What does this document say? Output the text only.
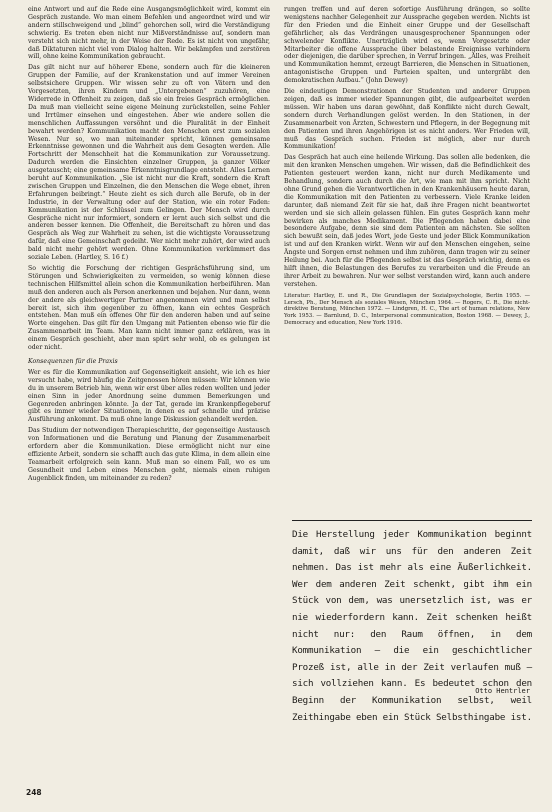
eine Antwort und auf die Rede eine Ausgangsmöglichkeit wird, kommt ein Gespräch zustande. Wo man einem Befehlen und angeordnet wird und wir andern stillschweigend und „blind“ gehorchen soll, wird die Verständigung schwierig. Es treten eben nicht nur Mißverständnisse auf, sondern man versteht sich nicht mehr, in der Weise der Rede. Es ist nicht von ungefähr, daß Diktaturen nicht viel vom Dialog halten. Wir bekämpfen und zerstören will, ohne keine Kommunikation gebraucht.

Das gilt nicht nur auf höherer Ebene, sondern auch für die kleineren Gruppen der Familie, auf der Krankenstation und auf immer Vereinen selbstsichere Gruppen. Wir wissen sehr zu oft von Vätern und den Vorgesetzten, ihren Kindern und „Untergebenen“ zuzuhören, eine Widerrede in Offenheit zu zeigen, daß sie ein freies Gespräch ermöglichen. Da muß man vielleicht seine eigene Meinung zurückstellen, seine Fehler und Irrtümer einsehen und eingestehen. Aber wie andere sollen die menschlichen Auffassungen versöhnt und die Pluralität in der Einheit bewahrt werden? Kommunikation macht den Menschen erst zum sozialen Wesen. Nur so, wo man miteinander spricht, können gemeinsame Erkenntnisse gewonnen und die Wahrheit aus dem Gesagten werden. Alle Fortschritt der Menschheit hat die Kommunikation zur Voraussetzung. Dadurch werden die Einsichten einzelner Gruppen, ja ganzer Völker ausgetauscht; eine gemeinsame Erkenntnisgrundlage entsteht. Alles Lernen beruht auf Kommunikation. „Sie ist nicht nur die Kraft, sondern die Kraft zwischen Gruppen und Einzelnen, die den Menschen die Wege ebnet, ihren Erfahrungen beibringt.“ Heute zieht es sich durch alle Berufe, ob in der Industrie, in der Verwaltung oder auf der Station, wie ein roter Faden: Kommunikation ist der Schlüssel zum Gelingen. Der Mensch wird durch Gespräche nicht nur informiert, sondern er lernt auch sich selbst und die anderen besser kennen. Die Offenheit, die Bereitschaft zu hören und das Gespräch als Weg zur Wahrheit zu sehen, ist die wichtigste Voraussetzung dafür, daß eine Gemeinschaft gedeiht. Wer nicht mehr zuhört, der wird auch bald nicht mehr gehört werden. Ohne Kommunikation verkümmert das soziale Leben. (Hartley, S. 16 f.)

So wichtig die Forschung der richtigen Gesprächsführung sind, um Störungen und Schwierigkeiten zu vermeiden, so wenig können diese technischen Hilfsmittel allein schon die Kommunikation herbeiführen. Man muß den anderen auch als Person anerkennen und bejahen. Nur dann, wenn der andere als gleichwertiger Partner angenommen wird und man selbst bereit ist, sich ihm gegenüber zu öffnen, kann ein echtes Gespräch entstehen. Man muß ein offenes Ohr für den anderen haben und auf seine Worte eingehen. Das gilt für den Umgang mit Patienten ebenso wie für die Zusammenarbeit im Team. Man kann nicht immer ganz erklären, was in einem Gespräch geschieht, aber man spürt sehr wohl, ob es gelungen ist oder nicht.

Konsequenzen für die Praxis

Wer es für die Kommunikation auf Gegenseitigkeit ansieht, wie ich es hier versucht habe, wird häufig die Zeitgenossen hören müssen: Wir können wie du in unserem Betrieb hin, wenn wir erst über alles reden wollten und jeder einen Sinn in jeder Anordnung seine dummen Bemerkungen und Gegenreden anbringen könnte. Ja der Tat, gerade im Krankenpflegeberuf gibt es immer wieder Situationen, in denen es auf schnelle und präzise Ausführung ankommt. Da muß ohne lange Diskussion gehandelt werden.

Das Studium der notwendigen Therapieschritte, der gegenseitige Austausch von Informationen und die Beratung und Planung der Zusammenarbeit erfordern aber die Kommunikation. Diese ermöglicht nicht nur eine effiziente Arbeit, sondern sie schafft auch das gute Klima, in dem allein eine Teamarbeit erfolgreich sein kann. Muß man so einem Fall, wo es um Gesundheit und Leben eines Menschen geht, niemals einen ruhigen Augenblick finden, um miteinander zu reden?

rungen treffen und auf deren sofortige Ausführung drängen, so sollte wenigstens nachher Gelegenheit zur Aussprache gegeben werden. Nichts ist für den Frieden und die Einheit einer Gruppe und der Gesellschaft gefährlicher, als das Verdrängen unausgesprochener Spannungen oder schwelender Konflikte. Unerträglich wird es, wenn Vorgesetzte oder Mitarbeiter die offene Aussprache über belastende Ereignisse verhindern oder diejenigen, die darüber sprechen, in Verruf bringen. „Alles, was Freiheit und Kommunikation hemmt, erzeugt Barrieren, die Menschen in Situationen, antagonistische Gruppen und Parteien spalten, und untergräbt den demokratischen Aufbau.“ (John Dewey)

Die eindeutigen Demonstrationen der Studenten und anderer Gruppen zeigen, daß es immer wieder Spannungen gibt, die aufgearbeitet werden müssen. Wir haben uns daran gewöhnt, daß Konflikte nicht durch Gewalt, sondern durch Verhandlungen gelöst werden. In den Stationen, in der Zusammenarbeit von Ärzten, Schwestern und Pflegern, in der Begegnung mit den Patienten und ihren Angehörigen ist es nicht anders. Wer Frieden will, muß das Gespräch suchen. Frieden ist möglich, aber nur durch Kommunikation!

Das Gespräch hat auch eine heilende Wirkung. Das sollen alle bedenken, die mit den kranken Menschen umgehen. Wir wissen, daß die Befindlichkeit des Patienten gesteuert werden kann, nicht nur durch Medikamente und Behandlung, sondern auch durch die Art, wie man mit ihm spricht. Nicht ohne Grund gehen die Verantwortlichen in den Krankenhäusern heute daran, die Kommunikation mit den Patienten zu verbessern. Viele Kranke leiden darunter, daß niemand Zeit für sie hat, daß ihre Fragen nicht beantwortet werden und sie sich allein gelassen fühlen. Ein gutes Gespräch kann mehr bewirken als manches Medikament. Die Pflegenden haben dabei eine besondere Aufgabe, denn sie sind dem Patienten am nächsten. Sie sollten sich bewußt sein, daß jedes Wort, jede Geste und jeder Blick Kommunikation ist und auf den Kranken wirkt. Wenn wir auf den Menschen eingehen, seine Ängste und Sorgen ernst nehmen und ihm zuhören, dann tragen wir zu seiner Heilung bei. Auch für die Pflegenden selbst ist das Gespräch wichtig, denn es hilft ihnen, die Belastungen des Berufes zu verarbeiten und die Freude an ihrer Arbeit zu bewahren. Nur wer selbst verstanden wird, kann auch andere verstehen.

Literatur: Hartley, E. und R., Die Grundlagen der Sozialpsychologie, Berlin 1955. — Lersch, Ph., Der Mensch als soziales Wesen, München 1964. — Rogers, C. R., Die nicht-direktive Beratung, München 1972. — Lindgren, H. C., The art of human relations, New York 1953. — Barnlund, D. C., Interpersonal communication, Boston 1968. — Dewey, J., Democracy and education, New York 1916.

Die Herstellung jeder Kommunikation beginnt damit, daß wir uns für den anderen Zeit nehmen. Das ist mehr als eine Äußerlichkeit. Wer dem anderen Zeit schenkt, gibt ihm ein Stück von dem, was unersetzlich ist, was er nie wiederfordern kann. Zeit schenken heißt nicht nur: den Raum öffnen, in dem Kommunikation – die ein geschichtlicher Prozeß ist, alle in der Zeit verlaufen muß – sich vollziehen kann. Es bedeutet schon den Beginn der Kommunikation selbst, weil Zeithingabe eben ein Stück Selbsthingabe ist.

Otto Hentrler
248
